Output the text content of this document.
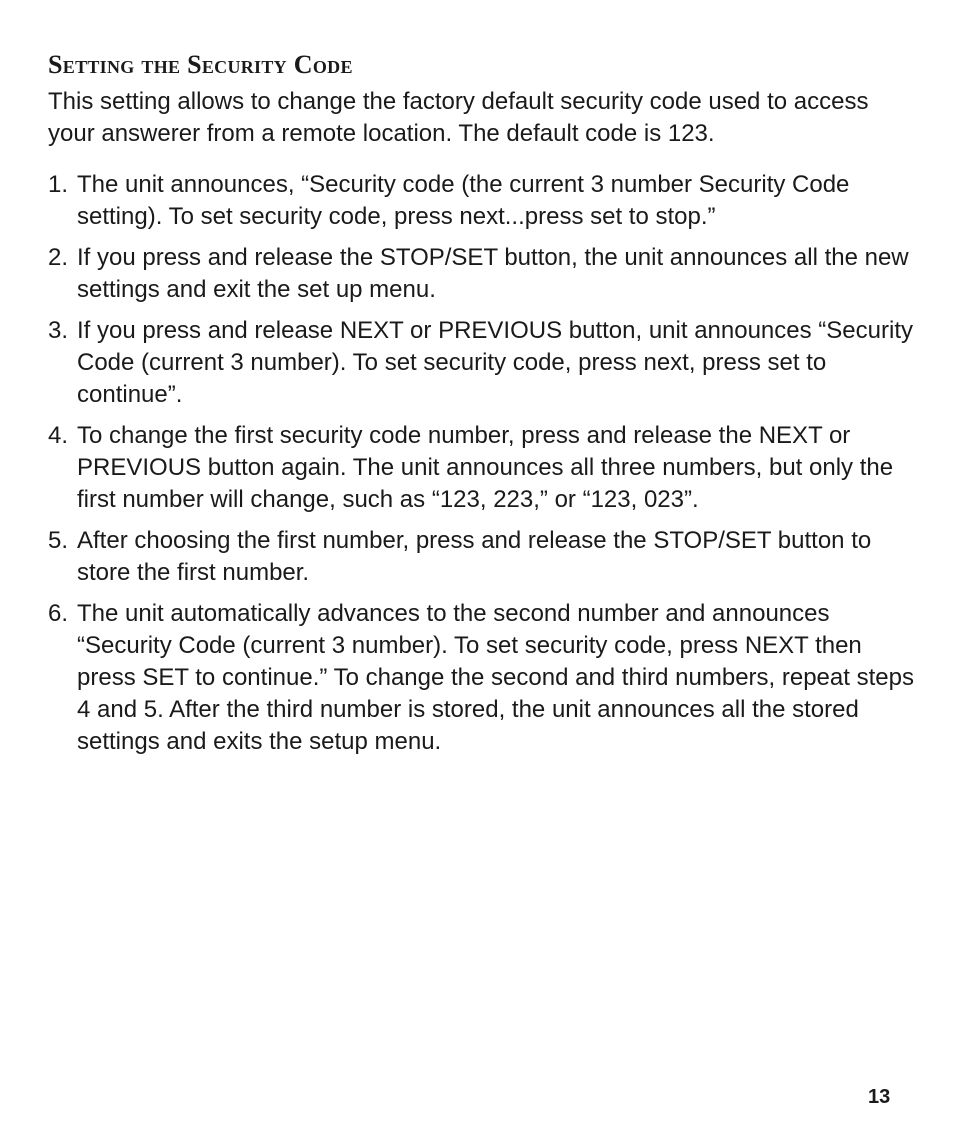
Setting the Security Code

This setting allows to change the factory default security code used to access your answerer from a remote location. The default code is 123.

1. The unit announces, “Security code (the current 3 number Security Code setting). To set security code, press next...press set to stop.”
2. If you press and release the STOP/SET button, the unit announces all the new settings and exit the set up menu.
3. If you press and release NEXT or PREVIOUS button, unit announces “Security Code (current 3 number). To set security code, press next, press set to continue”.
4. To change the first security code number, press and release the NEXT or PREVIOUS button again. The unit announces all three numbers, but only the first number will change, such as “123, 223,” or “123, 023”.
5. After choosing the first number, press and release the STOP/SET button to store the first number.
6. The unit automatically advances to the second number and announces “Security Code (current 3 number). To set security code, press NEXT then press SET to continue.” To change the second and third numbers, repeat steps 4 and 5. After the third number is stored, the unit announces all the stored settings and exits the setup menu.
13
